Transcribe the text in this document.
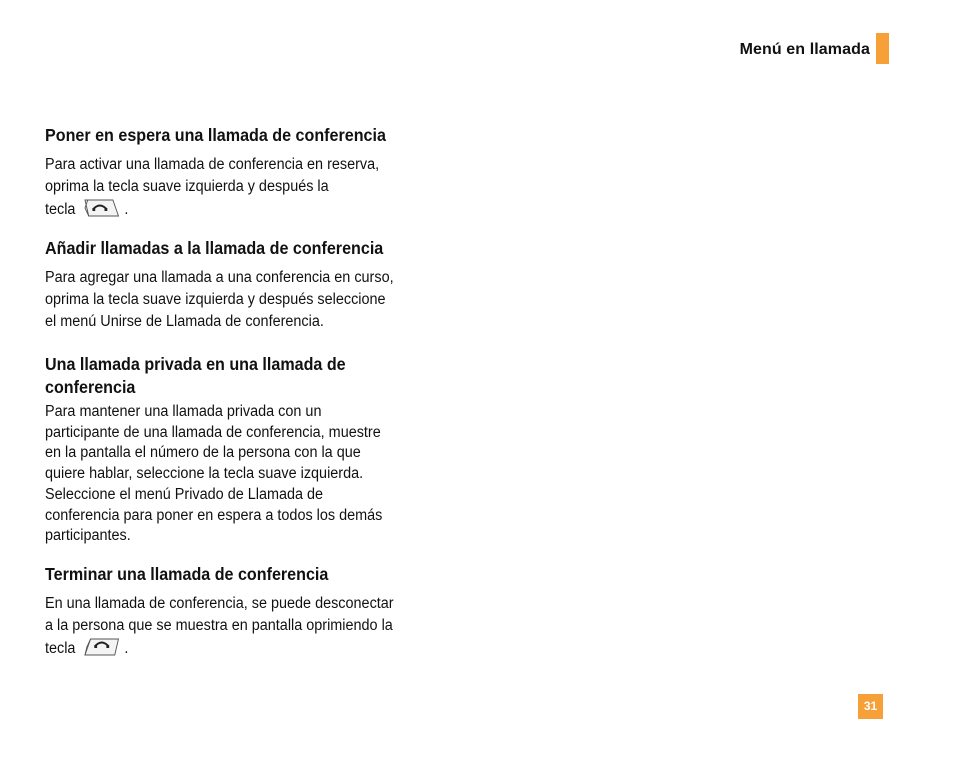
Menú en llamada
Poner en espera una llamada de conferencia

Para activar una llamada de conferencia en reserva,
oprima la tecla suave izquierda y después la
tecla	.

Añadir llamadas a la llamada de conferencia

Para agregar una llamada a una conferencia en curso,
oprima la tecla suave izquierda y después seleccione
el menú Unirse de Llamada de conferencia.

Una llamada privada en una llamada de
conferencia

Para mantener una llamada privada con un
participante de una llamada de conferencia, muestre
en la pantalla el número de la persona con la que
quiere hablar, seleccione la tecla suave izquierda.
Seleccione el menú Privado de Llamada de
conferencia para poner en espera a todos los demás
participantes.

Terminar una llamada de conferencia

En una llamada de conferencia, se puede desconectar
a la persona que se muestra en pantalla oprimiendo la
tecla	.

31
